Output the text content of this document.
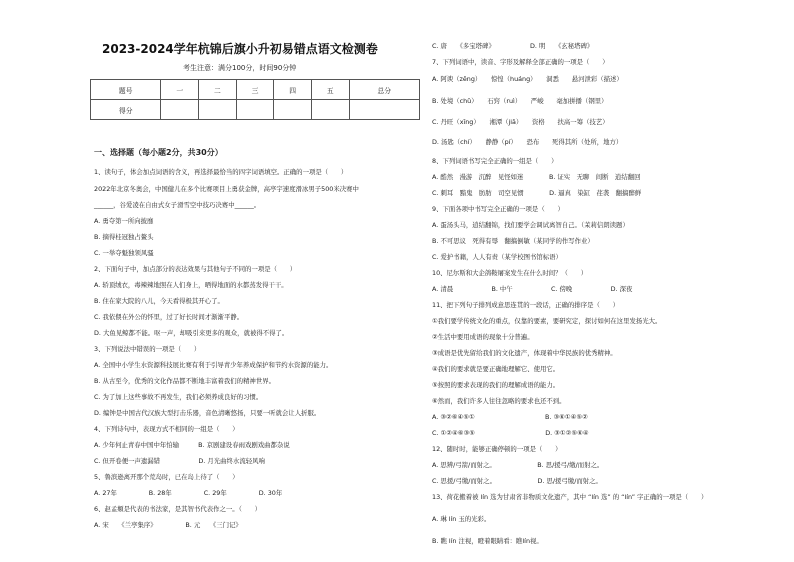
2023-2024学年杭锦后旗小升初易错点语文检测卷
考生注意：满分100分，时间90分钟
题号	一	二	三	四	五	总分
得分						
一、选择题（每小题2分，共30分）
1、读句子，体会加点词语的含义，再选择最恰当的四字词语填空。正确的一项是（　　）
2022年北京冬奥会，中国健儿在多个比赛项目上勇获金牌，高亭宇速度滑冰男子500米决赛中
______，谷爱凌在自由式女子滑雪空中技巧决赛中______。
A. 勇夺第一所向披靡
B. 摘得桂冠独占鳌头
C. 一举夺魁独领风骚
2、下面句子中，加点部分的表达效果与其他句子不同的一项是（　　）
A. 轿顶绒衣，毒辣辣地照在人们身上，晒得地面的水都蒸发得干干。
B. 住在家大院的八儿，今天看得极其开心了。
C. 我依偎在外公的怀里，过了好长时间才渐渐平静。
D. 大鱼见鲸都不能。呕一声，却吸引来更多的观众，就被得不得了。
3、下列说法中错误的一项是（　　）
A. 全国中小学生水资源科技展比赛有利于引导青少年养成保护和节约水资源的能力。
B. 从古至今，优秀的文化作品都不断地丰富着我们的精神世界。
C. 为了加上这些事故不再发生，我们必须养成良好的习惯。
D. 编钟是中国古代汉族大型打击乐器，音色清晰悠扬，只要一听就会让人折服。
4、下列诗句中，表现方式不相同的一组是（　　）
A. 少年何止青春中国中年怕输　　　B. 京剧建设春雨戏剧戏曲都杂说
C. 但开卷便一声遗漏错　　　　　　D. 月光曲终水流轻风响
5、鲁滨逊离开那个荒岛时，已在岛上待了（　　）
A. 27年　　　　　B. 28年　　　　　C. 29年　　　　　D. 30年
6、赵孟頫是代表的书法家，是其智书代表作之一。（　　）
A. 宋　　《兰亭集序》　　　　　B. 元　　《三门记》
C. 唐　　《多宝塔碑》　　　　　　D. 明　　《玄秘塔碑》
7、下列词语中，读音、字形及解释全部正确的一项是（　　）
A. 阿谀（zēng）　　惊惶（huáng）　　洞悉　　悬河泄彩（描述）
B. 处境（chǔ）　　石窍（ruì）　　严峻　　毫加拼播（钢里）
C. 丹旺（xīng）　　湘潭（jiā）　　资格　　扶高一筹（技艺）
D. 汤匙（chí）　　静静（pí）　　恐布　　死得其所（处所，地方）
8、下列词语书写完全正确的一组是（　　）
A. 酷然　漫游　沉醉　见怪如迷　　　　B. 证实　无聊　间断　逍结翻回
C. 刺耳　黯鬼　肪肪　司空见惯　　　　D. 逼真　染缸　荏袭　翻搞醉鲜
9、下面各项中书写完全正确的一项是（　　）
A. 蛋汤头马，逍结翻锦，找们要学会调试离智自己。（茉莉信朗读题）
B. 不可思议　死得有辱　翻搞倒敏（某同学的作写作业）
C. 爱护书籍，人人有责（某学校图书馆标语）
10、尼尔斯和大企鸽鞍屠案发生在什么时间？（　　）
A. 清晨　　　　　　B. 中午　　　　　　C. 傍晚　　　　　　D. 深夜
11、把下列句子排列成意思连贯的一段话，正确的排序是（　　）
①我们要学传统文化的重点，仅靠的要素，要研究定，探讨如何在这里发扬光大。
②生活中要用成语的现象十分普遍。
③成语是优先留给我们的文化遗产，体现着中华民族的优秀精神。
④我们的要求就是要正确地理解它、使用它。
⑤按照的要求表现的我们的理解成语的能力。
⑥然而，我们许多人往往忽略的要求也还不到。
A. ③②⑥④⑤①　　　　　　　　　　　B. ③⑥①④⑤②
C. ①②④⑥③⑤　　　　　　　　　　　D. ③①②⑤⑥④
12、随时时，能够正确停顿的一项是（　　）
A. 思辨/弓箭/而射之。　　　　　　　B. 思/援弓/缴/而射之。
C. 思援/弓缴/而射之。　　　　　　　D. 思/援弓缴/而射之。
13、荷花搬着被 lín 选为甘肃省非物质文化遗产，其中 “lín 选” 的 “lín” 字正确的一项是（　　）
A. 琳 lín 玉的光彩。
B. 瞧 lín 注视，瞪着眼睛看：瞧lín视。
